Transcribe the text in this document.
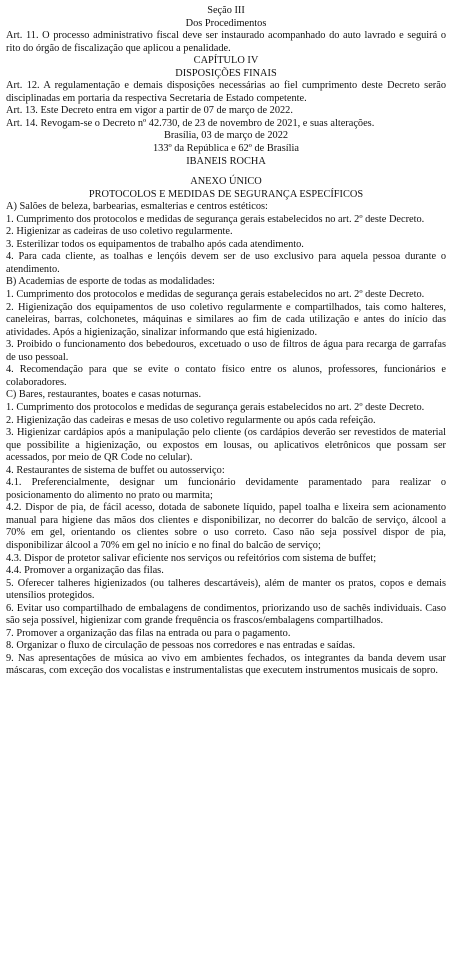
Seção III

Dos Procedimentos

Art. 11. O processo administrativo fiscal deve ser instaurado acompanhado do auto lavrado e seguirá o rito do órgão de fiscalização que aplicou a penalidade.

CAPÍTULO IV

DISPOSIÇÕES FINAIS

Art. 12. A regulamentação e demais disposições necessárias ao fiel cumprimento deste Decreto serão disciplinadas em portaria da respectiva Secretaria de Estado competente.

Art. 13. Este Decreto entra em vigor a partir de 07 de março de 2022.

Art. 14. Revogam-se o Decreto nº 42.730, de 23 de novembro de 2021, e suas alterações.

Brasília, 03 de março de 2022

133º da República e 62º de Brasília

IBANEIS ROCHA

ANEXO ÚNICO

PROTOCOLOS E MEDIDAS DE SEGURANÇA ESPECÍFICOS

A) Salões de beleza, barbearias, esmalterias e centros estéticos:

1. Cumprimento dos protocolos e medidas de segurança gerais estabelecidos no art. 2º deste Decreto.

2. Higienizar as cadeiras de uso coletivo regularmente.

3. Esterilizar todos os equipamentos de trabalho após cada atendimento.

4. Para cada cliente, as toalhas e lençóis devem ser de uso exclusivo para aquela pessoa durante o atendimento.

B) Academias de esporte de todas as modalidades:

1. Cumprimento dos protocolos e medidas de segurança gerais estabelecidos no art. 2º deste Decreto.

2. Higienização dos equipamentos de uso coletivo regularmente e compartilhados, tais como halteres, caneleiras, barras, colchonetes, máquinas e similares ao fim de cada utilização e antes do início das atividades. Após a higienização, sinalizar informando que está higienizado.

3. Proibido o funcionamento dos bebedouros, excetuado o uso de filtros de água para recarga de garrafas de uso pessoal.

4. Recomendação para que se evite o contato físico entre os alunos, professores, funcionários e colaboradores.

C) Bares, restaurantes, boates e casas noturnas.

1. Cumprimento dos protocolos e medidas de segurança gerais estabelecidos no art. 2º deste Decreto.

2. Higienização das cadeiras e mesas de uso coletivo regularmente ou após cada refeição.

3. Higienizar cardápios após a manipulação pelo cliente (os cardápios deverão ser revestidos de material que possibilite a higienização, ou expostos em lousas, ou aplicativos eletrônicos que possam ser acessados, por meio de QR Code no celular).

4. Restaurantes de sistema de buffet ou autosserviço:

4.1. Preferencialmente, designar um funcionário devidamente paramentado para realizar o posicionamento do alimento no prato ou marmita;

4.2. Dispor de pia, de fácil acesso, dotada de sabonete líquido, papel toalha e lixeira sem acionamento manual para higiene das mãos dos clientes e disponibilizar, no decorrer do balcão de serviço, álcool a 70% em gel, orientando os clientes sobre o uso correto. Caso não seja possível dispor de pia, disponibilizar álcool a 70% em gel no início e no final do balcão de serviço;

4.3. Dispor de protetor salivar eficiente nos serviços ou refeitórios com sistema de buffet;

4.4. Promover a organização das filas.

5. Oferecer talheres higienizados (ou talheres descartáveis), além de manter os pratos, copos e demais utensílios protegidos.

6. Evitar uso compartilhado de embalagens de condimentos, priorizando uso de sachês individuais. Caso são seja possível, higienizar com grande frequência os frascos/embalagens compartilhados.

7. Promover a organização das filas na entrada ou para o pagamento.

8. Organizar o fluxo de circulação de pessoas nos corredores e nas entradas e saídas.

9. Nas apresentações de música ao vivo em ambientes fechados, os integrantes da banda devem usar máscaras, com exceção dos vocalistas e instrumentalistas que executem instrumentos musicais de sopro.
